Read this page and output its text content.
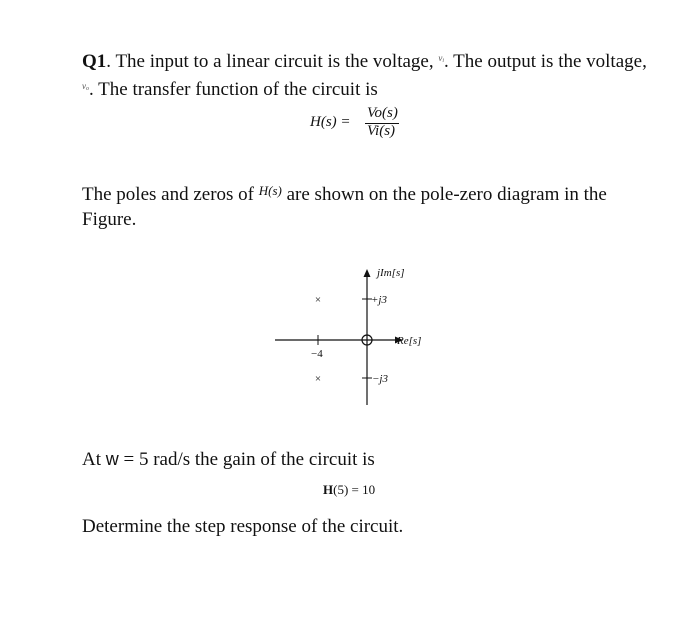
Q1. The input to a linear circuit is the voltage, $^{v_i}$. The output is the voltage, $^{v_o}$. The transfer function of the circuit is

H(s) =
Vo(s)
Vi(s)

The poles and zeros of $^{H(s)}$ are shown on the pole-zero diagram in the Figure.

×
×
jIm[s]
+j3
−j3
Re[s]
−4

At w = 5 rad/s the gain of the circuit is

H(5) = 10

Determine the step response of the circuit.
